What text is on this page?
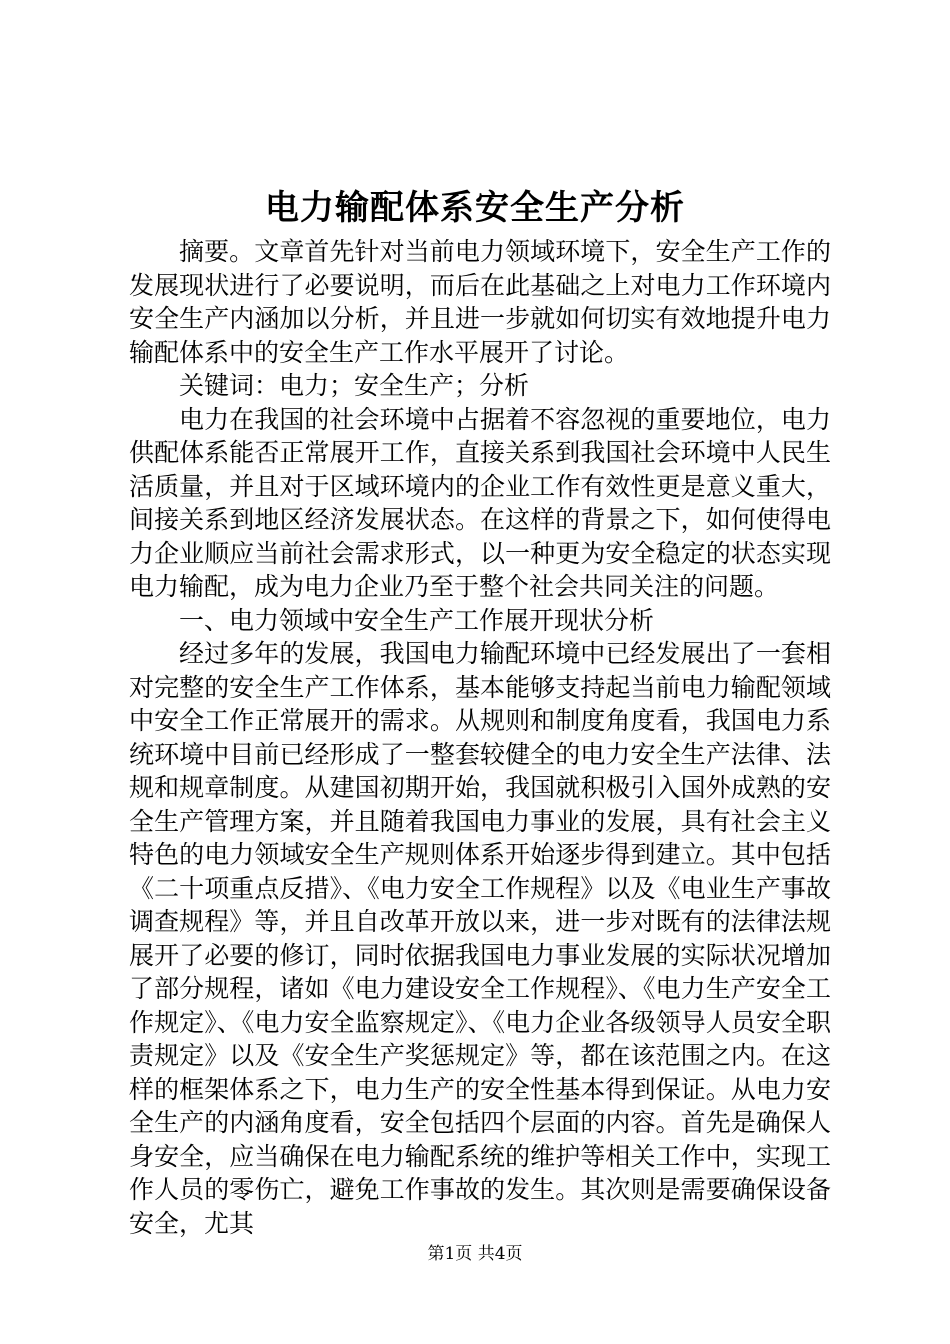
电力输配体系安全生产分析

摘要。文章首先针对当前电力领域环境下，安全生产工作的发展现状进行了必要说明，而后在此基础之上对电力工作环境内安全生产内涵加以分析，并且进一步就如何切实有效地提升电力输配体系中的安全生产工作水平展开了讨论。

关键词：电力；安全生产；分析

电力在我国的社会环境中占据着不容忽视的重要地位，电力供配体系能否正常展开工作，直接关系到我国社会环境中人民生活质量，并且对于区域环境内的企业工作有效性更是意义重大，间接关系到地区经济发展状态。在这样的背景之下，如何使得电力企业顺应当前社会需求形式，以一种更为安全稳定的状态实现电力输配，成为电力企业乃至于整个社会共同关注的问题。

一、电力领域中安全生产工作展开现状分析

经过多年的发展，我国电力输配环境中已经发展出了一套相对完整的安全生产工作体系，基本能够支持起当前电力输配领域中安全工作正常展开的需求。从规则和制度角度看，我国电力系统环境中目前已经形成了一整套较健全的电力安全生产法律、法规和规章制度。从建国初期开始，我国就积极引入国外成熟的安全生产管理方案，并且随着我国电力事业的发展，具有社会主义特色的电力领域安全生产规则体系开始逐步得到建立。其中包括《二十项重点反措》、《电力安全工作规程》以及《电业生产事故调查规程》等，并且自改革开放以来，进一步对既有的法律法规展开了必要的修订，同时依据我国电力事业发展的实际状况增加了部分规程，诸如《电力建设安全工作规程》、《电力生产安全工作规定》、《电力安全监察规定》、《电力企业各级领导人员安全职责规定》以及《安全生产奖惩规定》等，都在该范围之内。在这样的框架体系之下，电力生产的安全性基本得到保证。从电力安全生产的内涵角度看，安全包括四个层面的内容。首先是确保人身安全，应当确保在电力输配系统的维护等相关工作中，实现工作人员的零伤亡，避免工作事故的发生。其次则是需要确保设备安全，尤其

第1页 共4页
